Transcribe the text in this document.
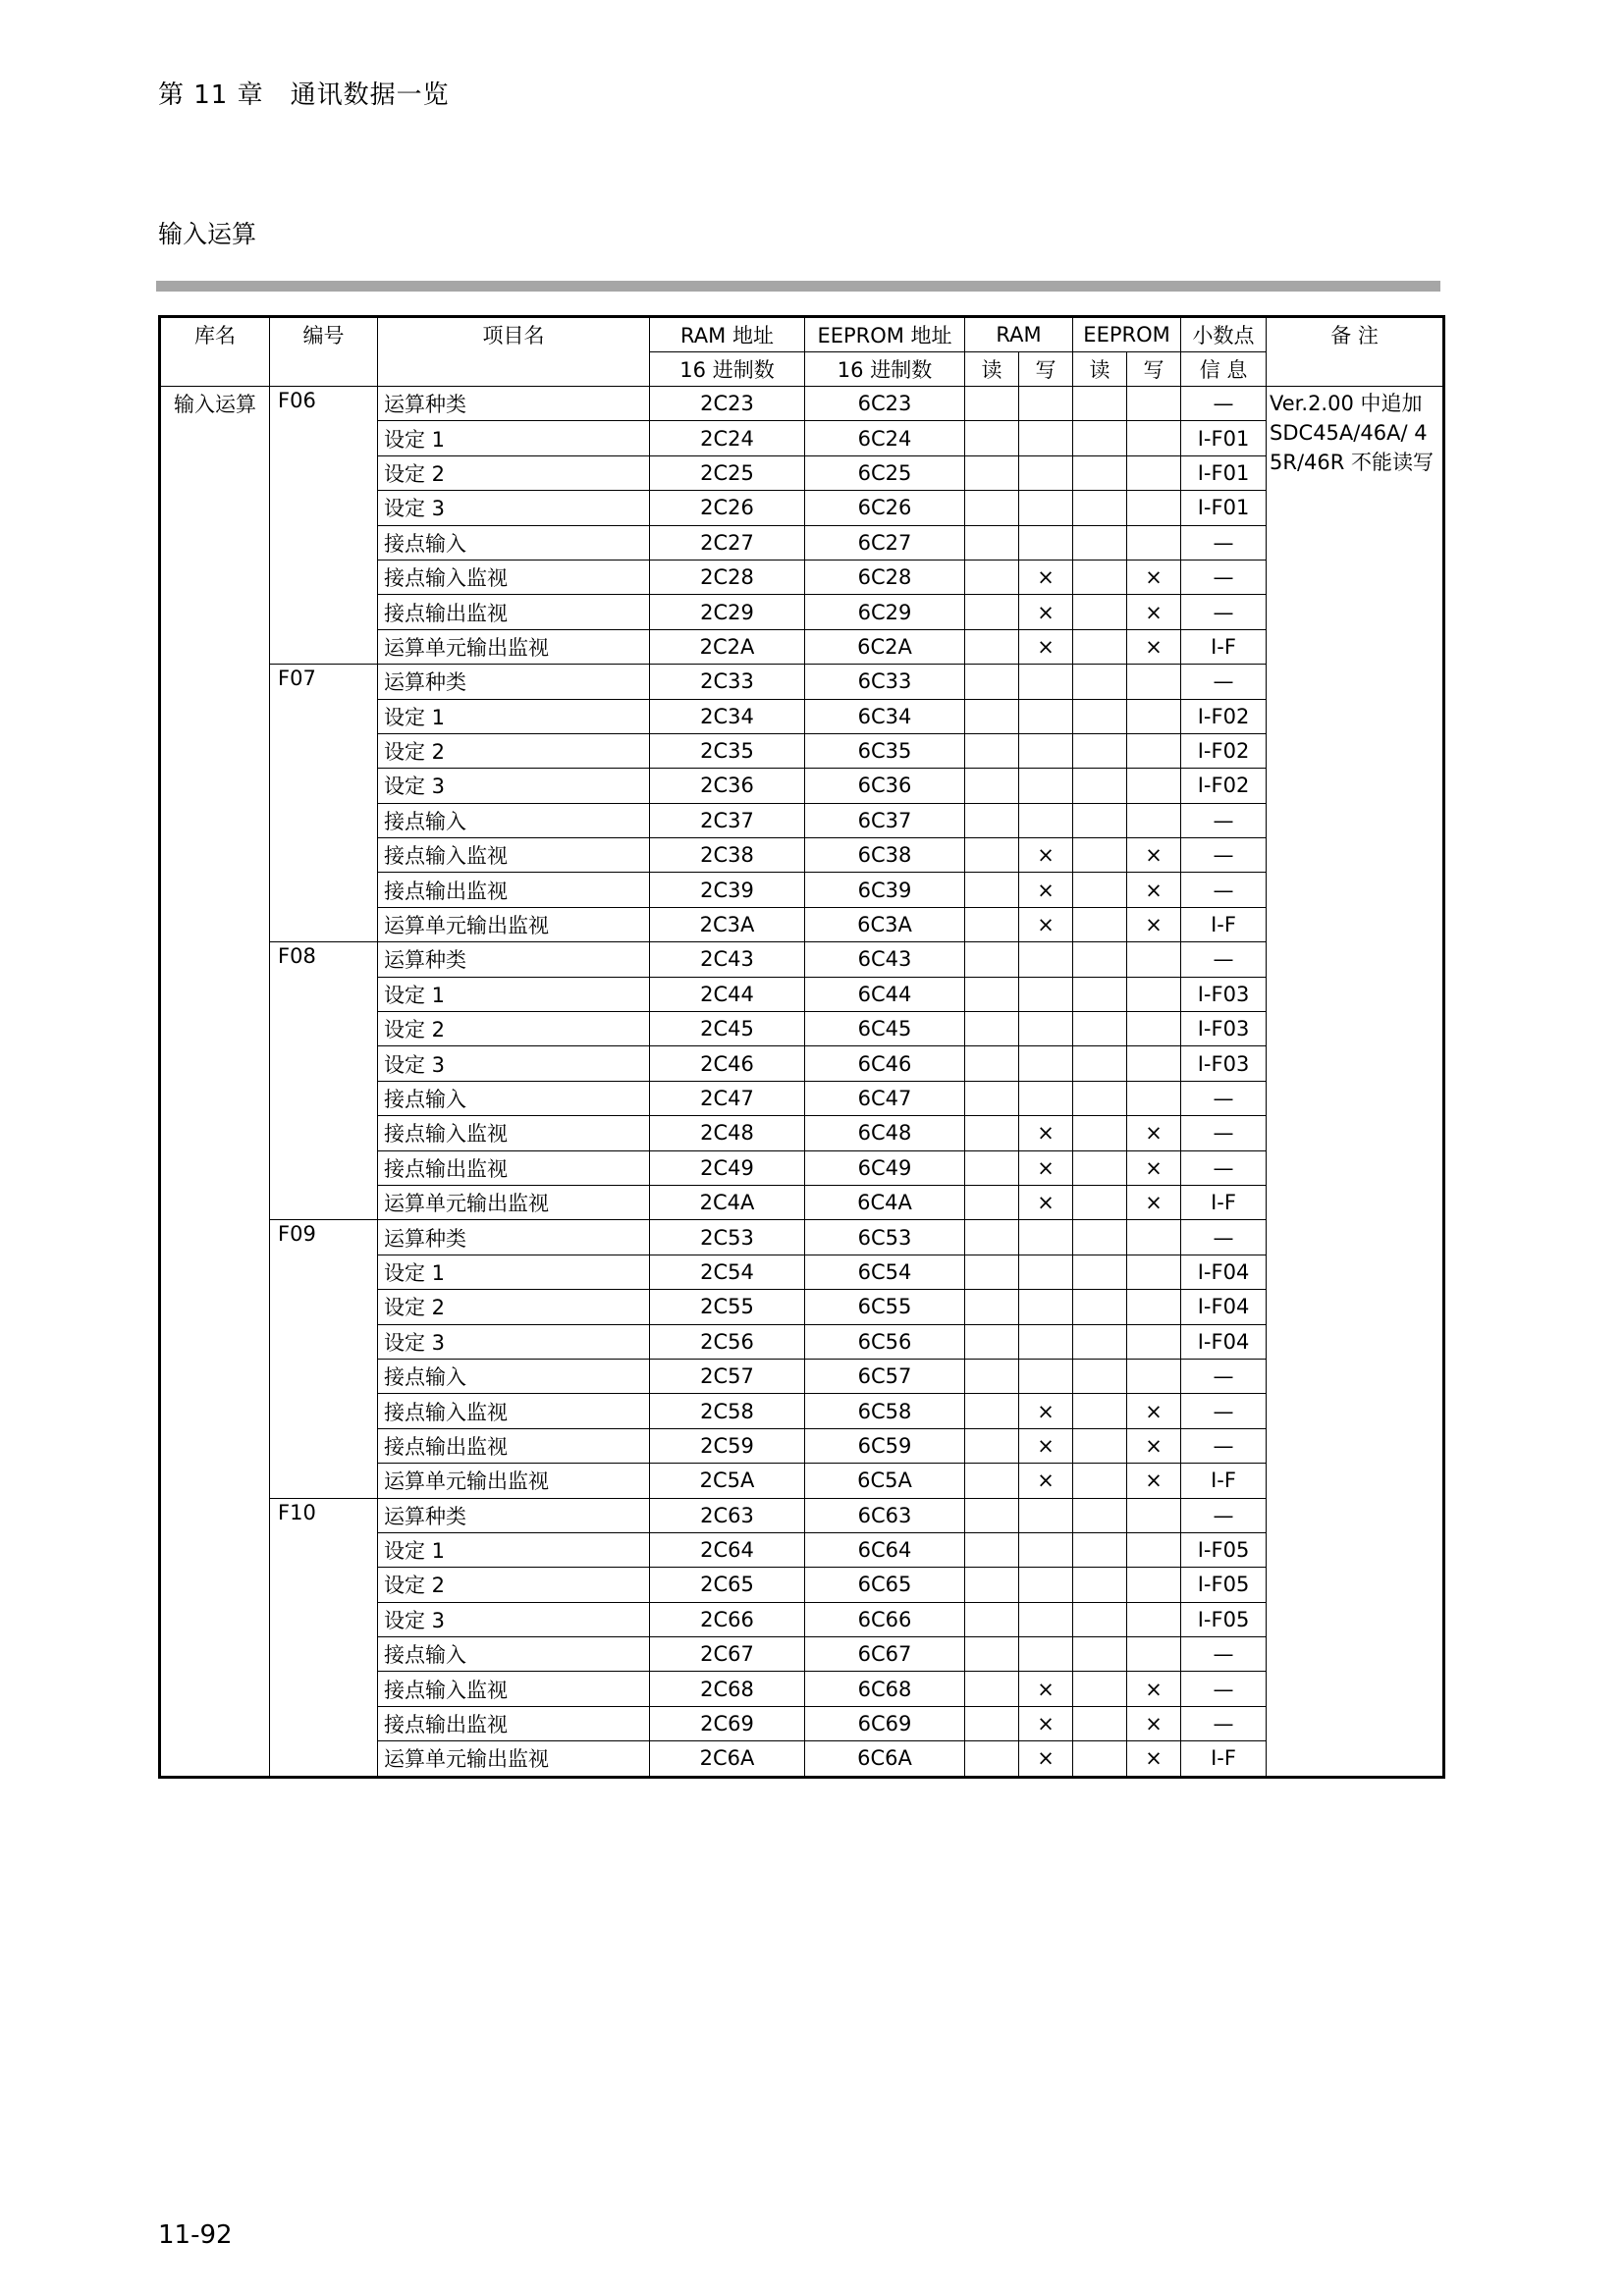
第 11 章　通讯数据一览
输入运算
库名	编号	项目名	RAM 地址	EEPROM 地址	RAM		EEPROM		小数点	备 注
			16 进制数	16 进制数	读	写	读	写	信 息	
输入运算	F06	运算种类	2C23	6C23					—	Ver.2.00 中追加 SDC45A/46A/ 45R/46R 不能读写
		设定 1	2C24	6C24					I-F01	
		设定 2	2C25	6C25					I-F01	
		设定 3	2C26	6C26					I-F01	
		接点输入	2C27	6C27					—	
		接点输入监视	2C28	6C28		×		×	—	
		接点输出监视	2C29	6C29		×		×	—	
		运算单元输出监视	2C2A	6C2A		×		×	I-F	
	F07	运算种类	2C33	6C33					—	
		设定 1	2C34	6C34					I-F02	
		设定 2	2C35	6C35					I-F02	
		设定 3	2C36	6C36					I-F02	
		接点输入	2C37	6C37					—	
		接点输入监视	2C38	6C38		×		×	—	
		接点输出监视	2C39	6C39		×		×	—	
		运算单元输出监视	2C3A	6C3A		×		×	I-F	
	F08	运算种类	2C43	6C43					—	
		设定 1	2C44	6C44					I-F03	
		设定 2	2C45	6C45					I-F03	
		设定 3	2C46	6C46					I-F03	
		接点输入	2C47	6C47					—	
		接点输入监视	2C48	6C48		×		×	—	
		接点输出监视	2C49	6C49		×		×	—	
		运算单元输出监视	2C4A	6C4A		×		×	I-F	
	F09	运算种类	2C53	6C53					—	
		设定 1	2C54	6C54					I-F04	
		设定 2	2C55	6C55					I-F04	
		设定 3	2C56	6C56					I-F04	
		接点输入	2C57	6C57					—	
		接点输入监视	2C58	6C58		×		×	—	
		接点输出监视	2C59	6C59		×		×	—	
		运算单元输出监视	2C5A	6C5A		×		×	I-F	
	F10	运算种类	2C63	6C63					—	
		设定 1	2C64	6C64					I-F05	
		设定 2	2C65	6C65					I-F05	
		设定 3	2C66	6C66					I-F05	
		接点输入	2C67	6C67					—	
		接点输入监视	2C68	6C68		×		×	—	
		接点输出监视	2C69	6C69		×		×	—	
		运算单元输出监视	2C6A	6C6A		×		×	I-F	
11-92
